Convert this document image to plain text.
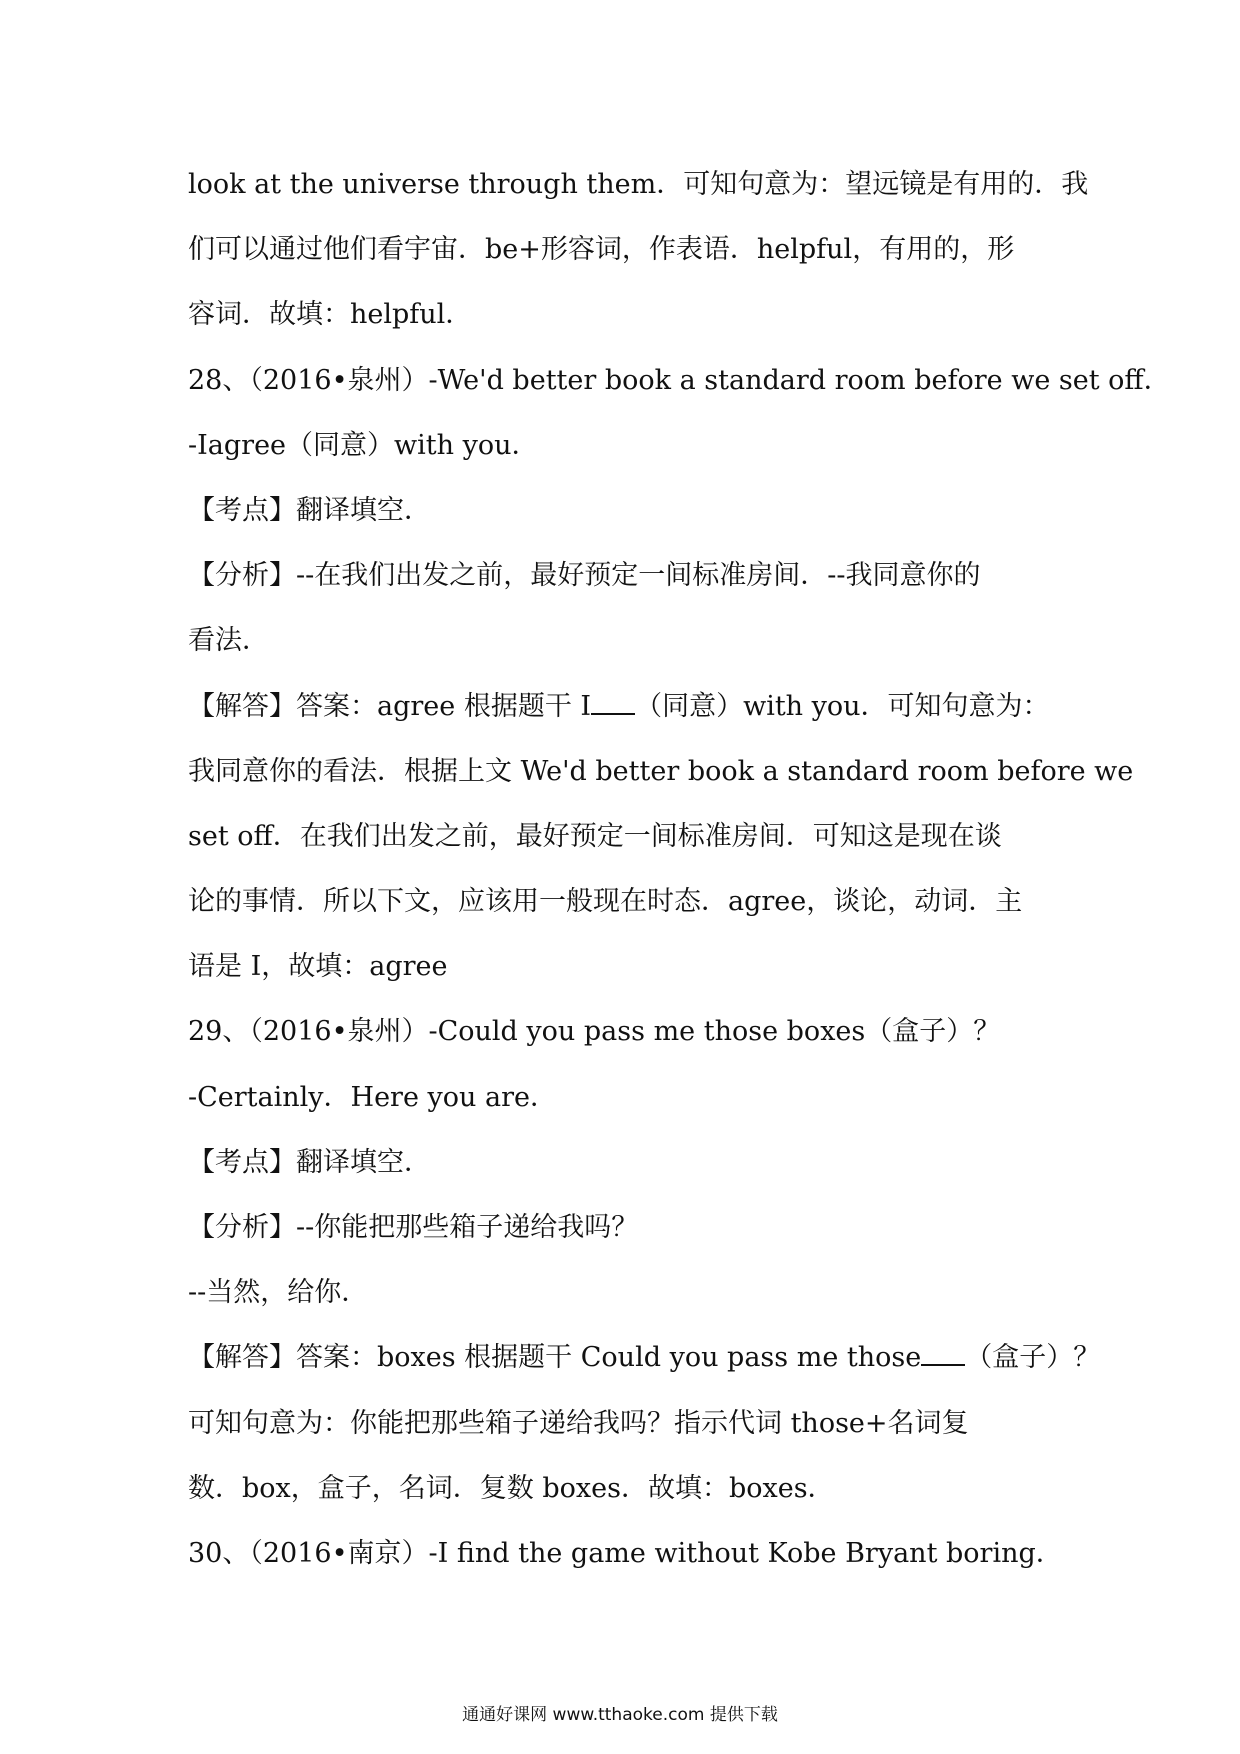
look at the universe through them．可知句意为：望远镜是有用的．我
们可以通过他们看宇宙．be+形容词，作表语．helpful，有用的，形
容词．故填：helpful．
28、（2016•泉州）-We'd better book a standard room before we set off．
-Iagree（同意）with you．
【考点】翻译填空．
【分析】--在我们出发之前，最好预定一间标准房间．--我同意你的
看法．
【解答】答案：agree 根据题干 I （同意）with you．可知句意为：
我同意你的看法．根据上文 We'd better book a standard room before we
set off．在我们出发之前，最好预定一间标准房间．可知这是现在谈
论的事情．所以下文，应该用一般现在时态．agree，谈论，动词．主
语是 I，故填：agree
29、（2016•泉州）-Could you pass me those boxes（盒子）？
-Certainly．Here you are．
【考点】翻译填空．
【分析】--你能把那些箱子递给我吗？
--当然，给你．
【解答】答案：boxes 根据题干 Could you pass me those （盒子）？
可知句意为：你能把那些箱子递给我吗？指示代词 those+名词复
数．box，盒子，名词．复数 boxes．故填：boxes．
30、（2016•南京）-I find the game without Kobe Bryant boring．
通通好课网 www.tthaoke.com 提供下载
